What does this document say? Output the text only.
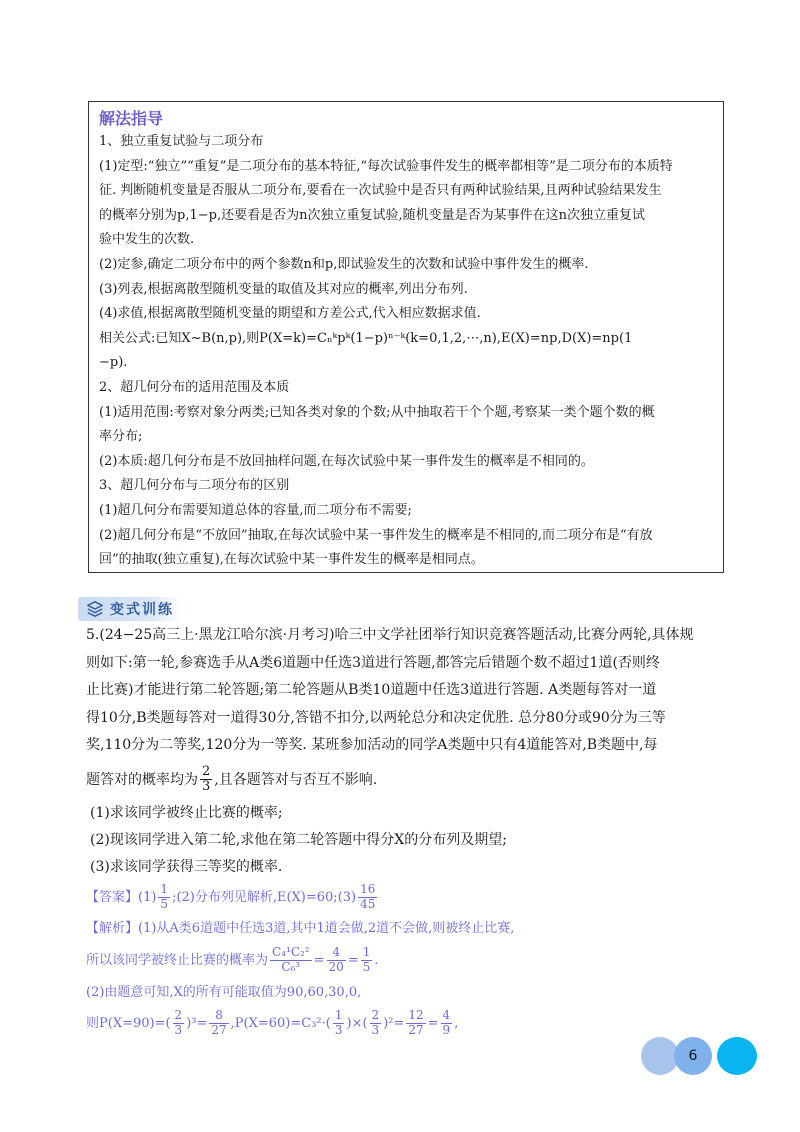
解法指导
1、独立重复试验与二项分布
(1)定型:“独立”“重复”是二项分布的基本特征,“每次试验事件发生的概率都相等”是二项分布的本质特
征. 判断随机变量是否服从二项分布,要看在一次试验中是否只有两种试验结果,且两种试验结果发生
的概率分别为p,1−p,还要看是否为n次独立重复试验,随机变量是否为某事件在这n次独立重复试
验中发生的次数.
(2)定参,确定二项分布中的两个参数n和p,即试验发生的次数和试验中事件发生的概率.
(3)列表,根据离散型随机变量的取值及其对应的概率,列出分布列.
(4)求值,根据离散型随机变量的期望和方差公式,代入相应数据求值.
相关公式:已知X~B(n,p),则P(X=k)=Cₙᵏpᵏ(1−p)ⁿ⁻ᵏ(k=0,1,2,⋯,n),E(X)=np,D(X)=np(1
−p).
2、超几何分布的适用范围及本质
(1)适用范围:考察对象分两类;已知各类对象的个数;从中抽取若干个个题,考察某一类个题个数的概
率分布;
(2)本质:超几何分布是不放回抽样问题,在每次试验中某一事件发生的概率是不相同的。
3、超几何分布与二项分布的区别
(1)超几何分布需要知道总体的容量,而二项分布不需要;
(2)超几何分布是“不放回”抽取,在每次试验中某一事件发生的概率是不相同的,而二项分布是“有放
回”的抽取(独立重复),在每次试验中某一事件发生的概率是相同点。
变式训练
5.(24−25高三上·黑龙江哈尔滨·月考习)哈三中文学社团举行知识竞赛答题活动,比赛分两轮,具体规
则如下:第一轮,参赛选手从A类6道题中任选3道进行答题,都答完后错题个数不超过1道(否则终
止比赛)才能进行第二轮答题;第二轮答题从B类10道题中任选3道进行答题. A类题每答对一道
得10分,B类题每答对一道得30分,答错不扣分,以两轮总分和决定优胜. 总分80分或90分为三等
奖,110分为二等奖,120分为一等奖. 某班参加活动的同学A类题中只有4道能答对,B类题中,每
题答对的概率均为 $\frac{2}{3}$ ,且各题答对与否互不影响.
(1)求该同学被终止比赛的概率;
(2)现该同学进入第二轮,求他在第二轮答题中得分X的分布列及期望;
(3)求该同学获得三等奖的概率.
【答案】$(1) \frac{1}{5}$ ;(2)分布列见解析,E(X)=60;(3) $\frac{16}{45}$
【解析】(1)从A类6道题中任选3道,其中1道会做,2道不会做,则被终止比赛,
所以该同学被终止比赛的概率为 $\frac{\text{C₄¹C₂²}}{\text{C₆³}} = \frac{4}{20} = \frac{1}{5}$ .
(2)由题意可知,X的所有可能取值为90,60,30,0,
则$P(X=90)=( \frac{2}{3} )^3= \frac{8}{27} ,P(X=60)=C_3^2\cdot( \frac{1}{3}$ )×( $\frac{2}{3} )^2= \frac{12}{27} = \frac{4}{9}$ ,
6
